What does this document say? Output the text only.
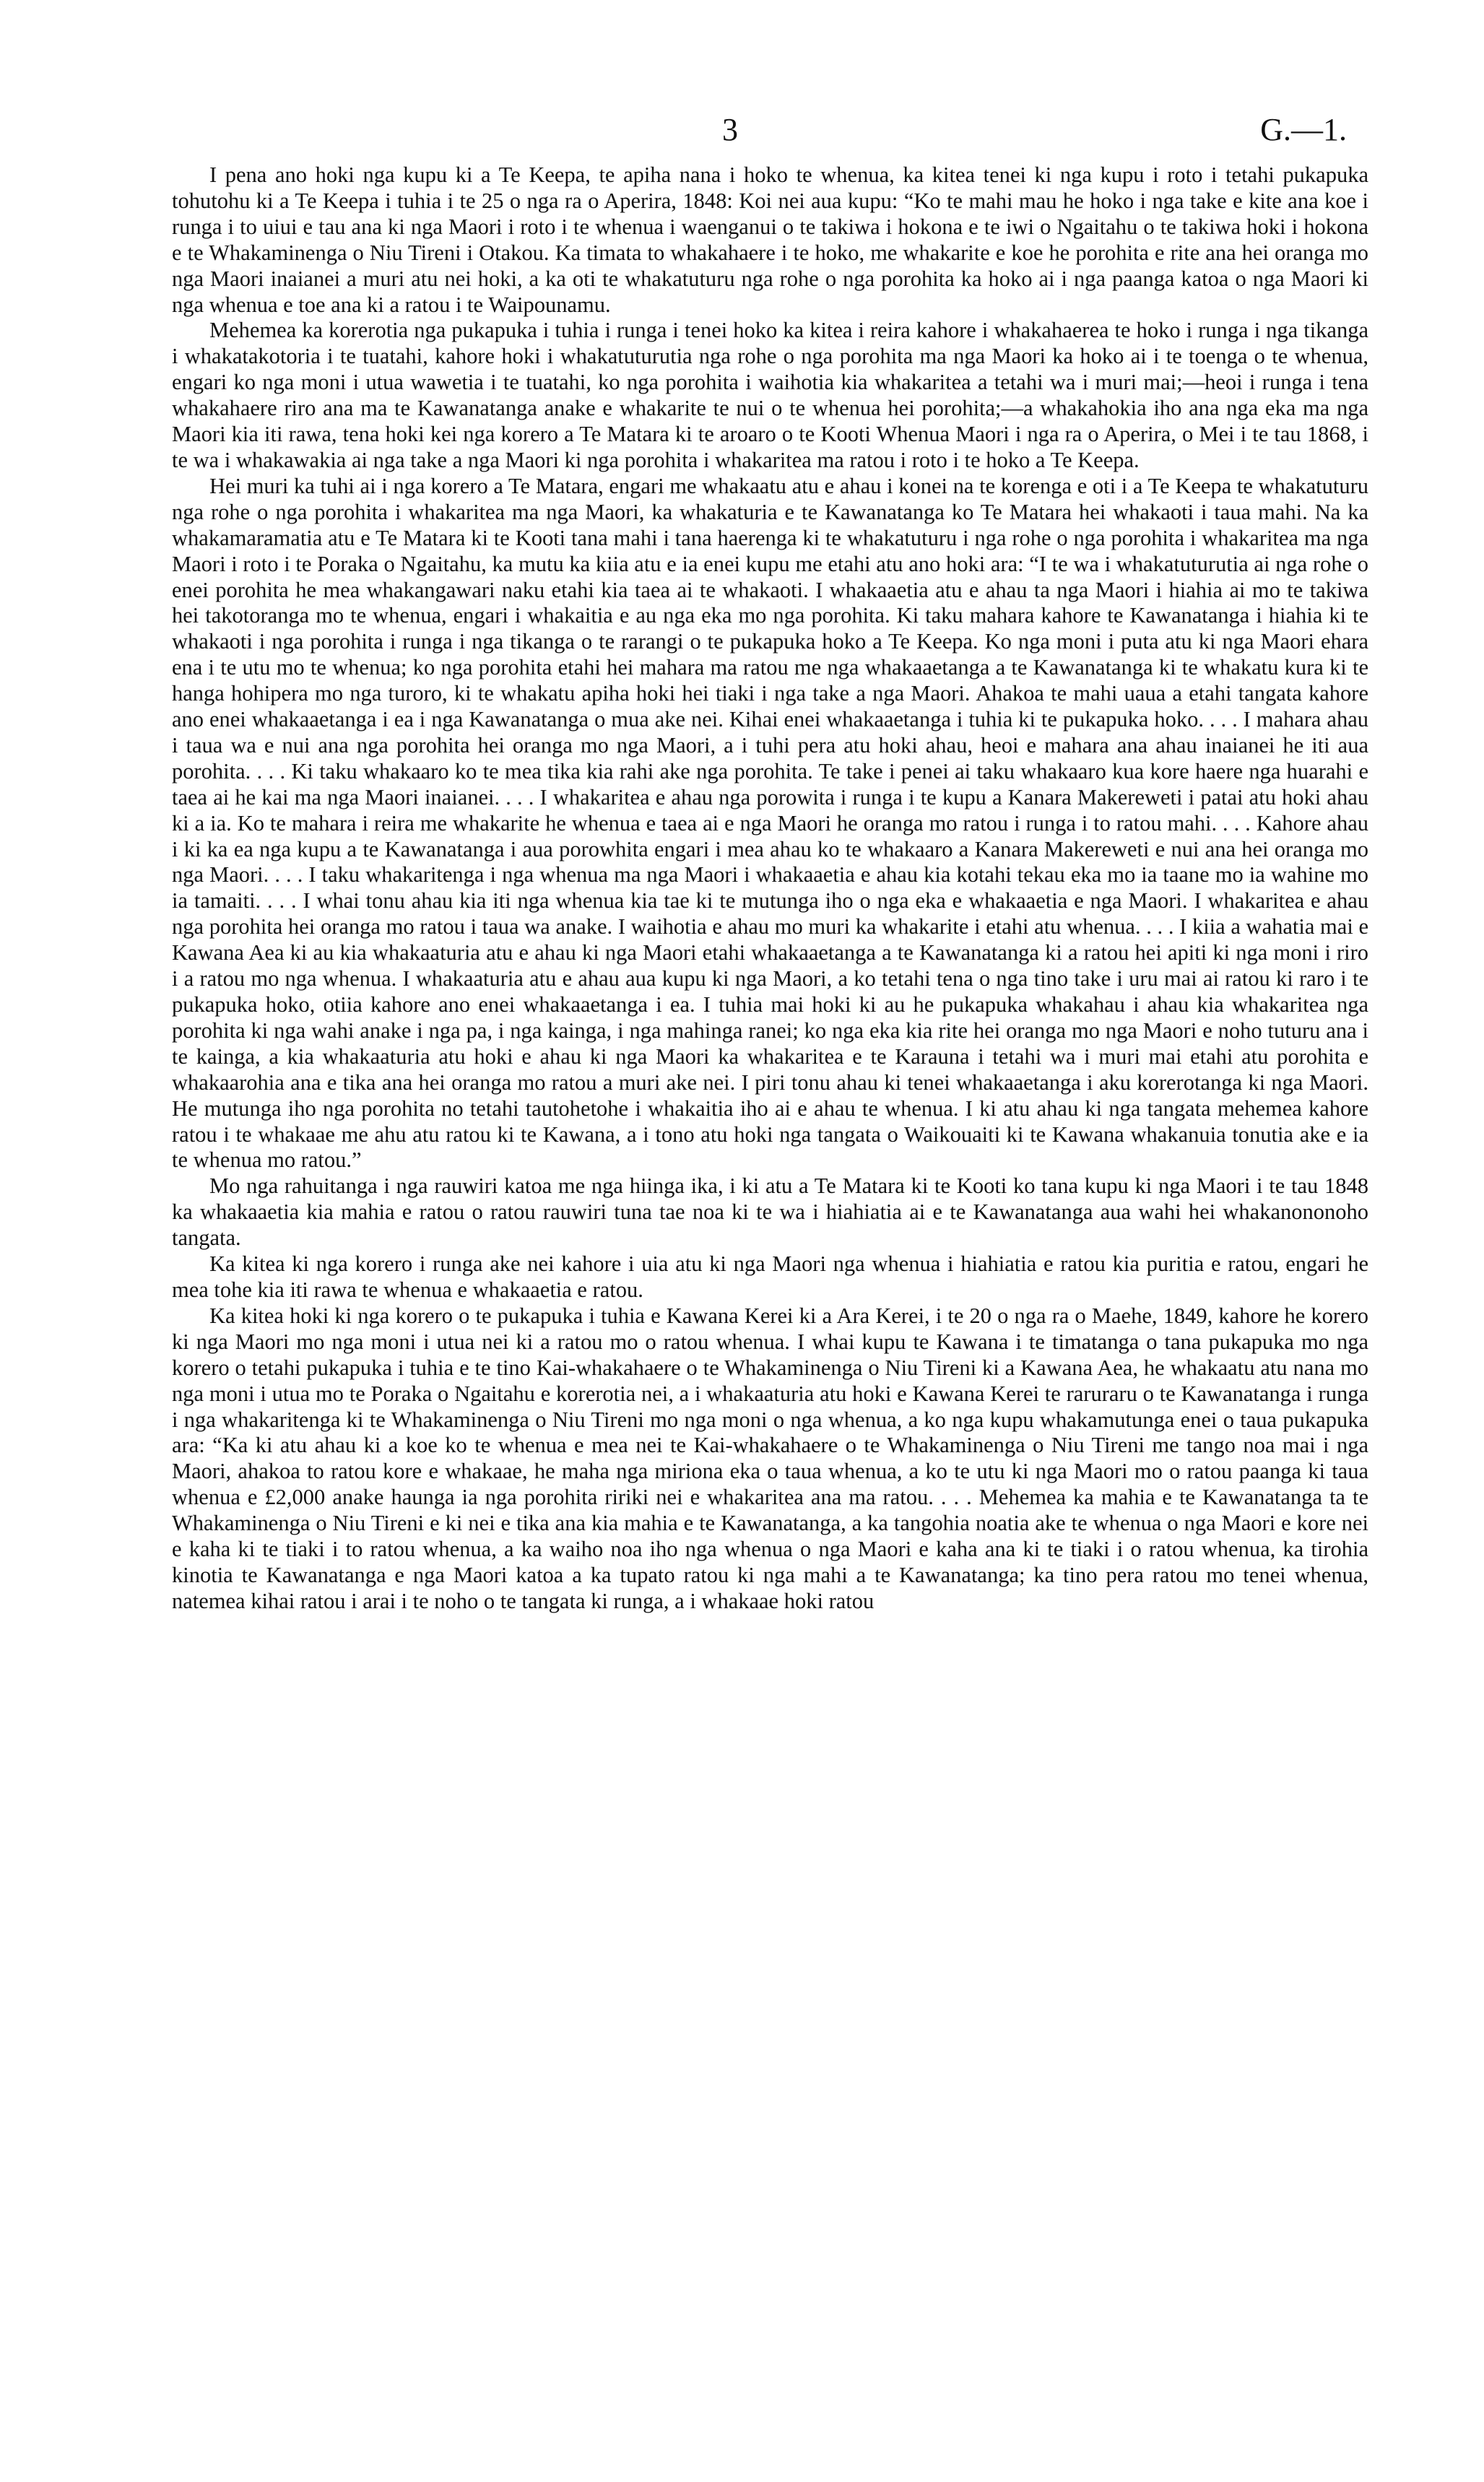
3	G.—1.

I pena ano hoki nga kupu ki a Te Keepa, te apiha nana i hoko te whenua, ka kitea tenei ki nga kupu i roto i tetahi pukapuka tohutohu ki a Te Keepa i tuhia i te 25 o nga ra o Aperira, 1848: Koi nei aua kupu: “Ko te mahi mau he hoko i nga take e kite ana koe i runga i to uiui e tau ana ki nga Maori i roto i te whenua i waenganui o te takiwa i hokona e te iwi o Ngaitahu o te takiwa hoki i hokona e te Whakaminenga o Niu Tireni i Otakou. Ka timata to whakahaere i te hoko, me whakarite e koe he porohita e rite ana hei oranga mo nga Maori inaianei a muri atu nei hoki, a ka oti te whakatuturu nga rohe o nga porohita ka hoko ai i nga paanga katoa o nga Maori ki nga whenua e toe ana ki a ratou i te Waipounamu.

Mehemea ka korerotia nga pukapuka i tuhia i runga i tenei hoko ka kitea i reira kahore i whakahaerea te hoko i runga i nga tikanga i whakatakotoria i te tuatahi, kahore hoki i whakatuturutia nga rohe o nga porohita ma nga Maori ka hoko ai i te toenga o te whenua, engari ko nga moni i utua wawetia i te tuatahi, ko nga porohita i waihotia kia whakaritea a tetahi wa i muri mai;—heoi i runga i tena whakahaere riro ana ma te Kawanatanga anake e whakarite te nui o te whenua hei porohita;—a whakahokia iho ana nga eka ma nga Maori kia iti rawa, tena hoki kei nga korero a Te Matara ki te aroaro o te Kooti Whenua Maori i nga ra o Aperira, o Mei i te tau 1868, i te wa i whakawakia ai nga take a nga Maori ki nga porohita i whakaritea ma ratou i roto i te hoko a Te Keepa.

Hei muri ka tuhi ai i nga korero a Te Matara, engari me whakaatu atu e ahau i konei na te korenga e oti i a Te Keepa te whakatuturu nga rohe o nga porohita i whakaritea ma nga Maori, ka whakaturia e te Kawanatanga ko Te Matara hei whakaoti i taua mahi. Na ka whakamaramatia atu e Te Matara ki te Kooti tana mahi i tana haerenga ki te whakatuturu i nga rohe o nga porohita i whakaritea ma nga Maori i roto i te Poraka o Ngaitahu, ka mutu ka kiia atu e ia enei kupu me etahi atu ano hoki ara: “I te wa i whakatuturutia ai nga rohe o enei porohita he mea whakangawari naku etahi kia taea ai te whakaoti. I whakaaetia atu e ahau ta nga Maori i hiahia ai mo te takiwa hei takotoranga mo te whenua, engari i whakaitia e au nga eka mo nga porohita. Ki taku mahara kahore te Kawanatanga i hiahia ki te whakaoti i nga porohita i runga i nga tikanga o te rarangi o te pukapuka hoko a Te Keepa. Ko nga moni i puta atu ki nga Maori ehara ena i te utu mo te whenua; ko nga porohita etahi hei mahara ma ratou me nga whakaaetanga a te Kawanatanga ki te whakatu kura ki te hanga hohipera mo nga turoro, ki te whakatu apiha hoki hei tiaki i nga take a nga Maori. Ahakoa te mahi uaua a etahi tangata kahore ano enei whakaaetanga i ea i nga Kawanatanga o mua ake nei. Kihai enei whakaaetanga i tuhia ki te pukapuka hoko. . . . I mahara ahau i taua wa e nui ana nga porohita hei oranga mo nga Maori, a i tuhi pera atu hoki ahau, heoi e mahara ana ahau inaianei he iti aua porohita. . . . Ki taku whakaaro ko te mea tika kia rahi ake nga porohita. Te take i penei ai taku whakaaro kua kore haere nga huarahi e taea ai he kai ma nga Maori inaianei. . . . I whakaritea e ahau nga porowita i runga i te kupu a Kanara Makereweti i patai atu hoki ahau ki a ia. Ko te mahara i reira me whakarite he whenua e taea ai e nga Maori he oranga mo ratou i runga i to ratou mahi. . . . Kahore ahau i ki ka ea nga kupu a te Kawanatanga i aua porowhita engari i mea ahau ko te whakaaro a Kanara Makereweti e nui ana hei oranga mo nga Maori. . . . I taku whakaritenga i nga whenua ma nga Maori i whakaaetia e ahau kia kotahi tekau eka mo ia taane mo ia wahine mo ia tamaiti. . . . I whai tonu ahau kia iti nga whenua kia tae ki te mutunga iho o nga eka e whakaaetia e nga Maori. I whakaritea e ahau nga porohita hei oranga mo ratou i taua wa anake. I waihotia e ahau mo muri ka whakarite i etahi atu whenua. . . . I kiia a wahatia mai e Kawana Aea ki au kia whakaaturia atu e ahau ki nga Maori etahi whakaaetanga a te Kawanatanga ki a ratou hei apiti ki nga moni i riro i a ratou mo nga whenua. I whakaaturia atu e ahau aua kupu ki nga Maori, a ko tetahi tena o nga tino take i uru mai ai ratou ki raro i te pukapuka hoko, otiia kahore ano enei whakaaetanga i ea. I tuhia mai hoki ki au he pukapuka whakahau i ahau kia whakaritea nga porohita ki nga wahi anake i nga pa, i nga kainga, i nga mahinga ranei; ko nga eka kia rite hei oranga mo nga Maori e noho tuturu ana i te kainga, a kia whakaaturia atu hoki e ahau ki nga Maori ka whakaritea e te Karauna i tetahi wa i muri mai etahi atu porohita e whakaarohia ana e tika ana hei oranga mo ratou a muri ake nei. I piri tonu ahau ki tenei whakaaetanga i aku korerotanga ki nga Maori. He mutunga iho nga porohita no tetahi tautohetohe i whakaitia iho ai e ahau te whenua. I ki atu ahau ki nga tangata mehemea kahore ratou i te whakaae me ahu atu ratou ki te Kawana, a i tono atu hoki nga tangata o Waikouaiti ki te Kawana whakanuia tonutia ake e ia te whenua mo ratou.”

Mo nga rahuitanga i nga rauwiri katoa me nga hiinga ika, i ki atu a Te Matara ki te Kooti ko tana kupu ki nga Maori i te tau 1848 ka whakaaetia kia mahia e ratou o ratou rauwiri tuna tae noa ki te wa i hiahiatia ai e te Kawanatanga aua wahi hei whakanononoho tangata.

Ka kitea ki nga korero i runga ake nei kahore i uia atu ki nga Maori nga whenua i hiahiatia e ratou kia puritia e ratou, engari he mea tohe kia iti rawa te whenua e whakaaetia e ratou.

Ka kitea hoki ki nga korero o te pukapuka i tuhia e Kawana Kerei ki a Ara Kerei, i te 20 o nga ra o Maehe, 1849, kahore he korero ki nga Maori mo nga moni i utua nei ki a ratou mo o ratou whenua. I whai kupu te Kawana i te timatanga o tana pukapuka mo nga korero o tetahi pukapuka i tuhia e te tino Kai-whakahaere o te Whakaminenga o Niu Tireni ki a Kawana Aea, he whakaatu atu nana mo nga moni i utua mo te Poraka o Ngaitahu e korerotia nei, a i whakaaturia atu hoki e Kawana Kerei te raruraru o te Kawanatanga i runga i nga whakaritenga ki te Whakaminenga o Niu Tireni mo nga moni o nga whenua, a ko nga kupu whakamutunga enei o taua pukapuka ara: “Ka ki atu ahau ki a koe ko te whenua e mea nei te Kai-whakahaere o te Whakaminenga o Niu Tireni me tango noa mai i nga Maori, ahakoa to ratou kore e whakaae, he maha nga miriona eka o taua whenua, a ko te utu ki nga Maori mo o ratou paanga ki taua whenua e £2,000 anake haunga ia nga porohita ririki nei e whakaritea ana ma ratou. . . . Mehemea ka mahia e te Kawanatanga ta te Whakaminenga o Niu Tireni e ki nei e tika ana kia mahia e te Kawanatanga, a ka tangohia noatia ake te whenua o nga Maori e kore nei e kaha ki te tiaki i to ratou whenua, a ka waiho noa iho nga whenua o nga Maori e kaha ana ki te tiaki i o ratou whenua, ka tirohia kinotia te Kawanatanga e nga Maori katoa a ka tupato ratou ki nga mahi a te Kawanatanga; ka tino pera ratou mo tenei whenua, natemea kihai ratou i arai i te noho o te tangata ki runga, a i whakaae hoki ratou
